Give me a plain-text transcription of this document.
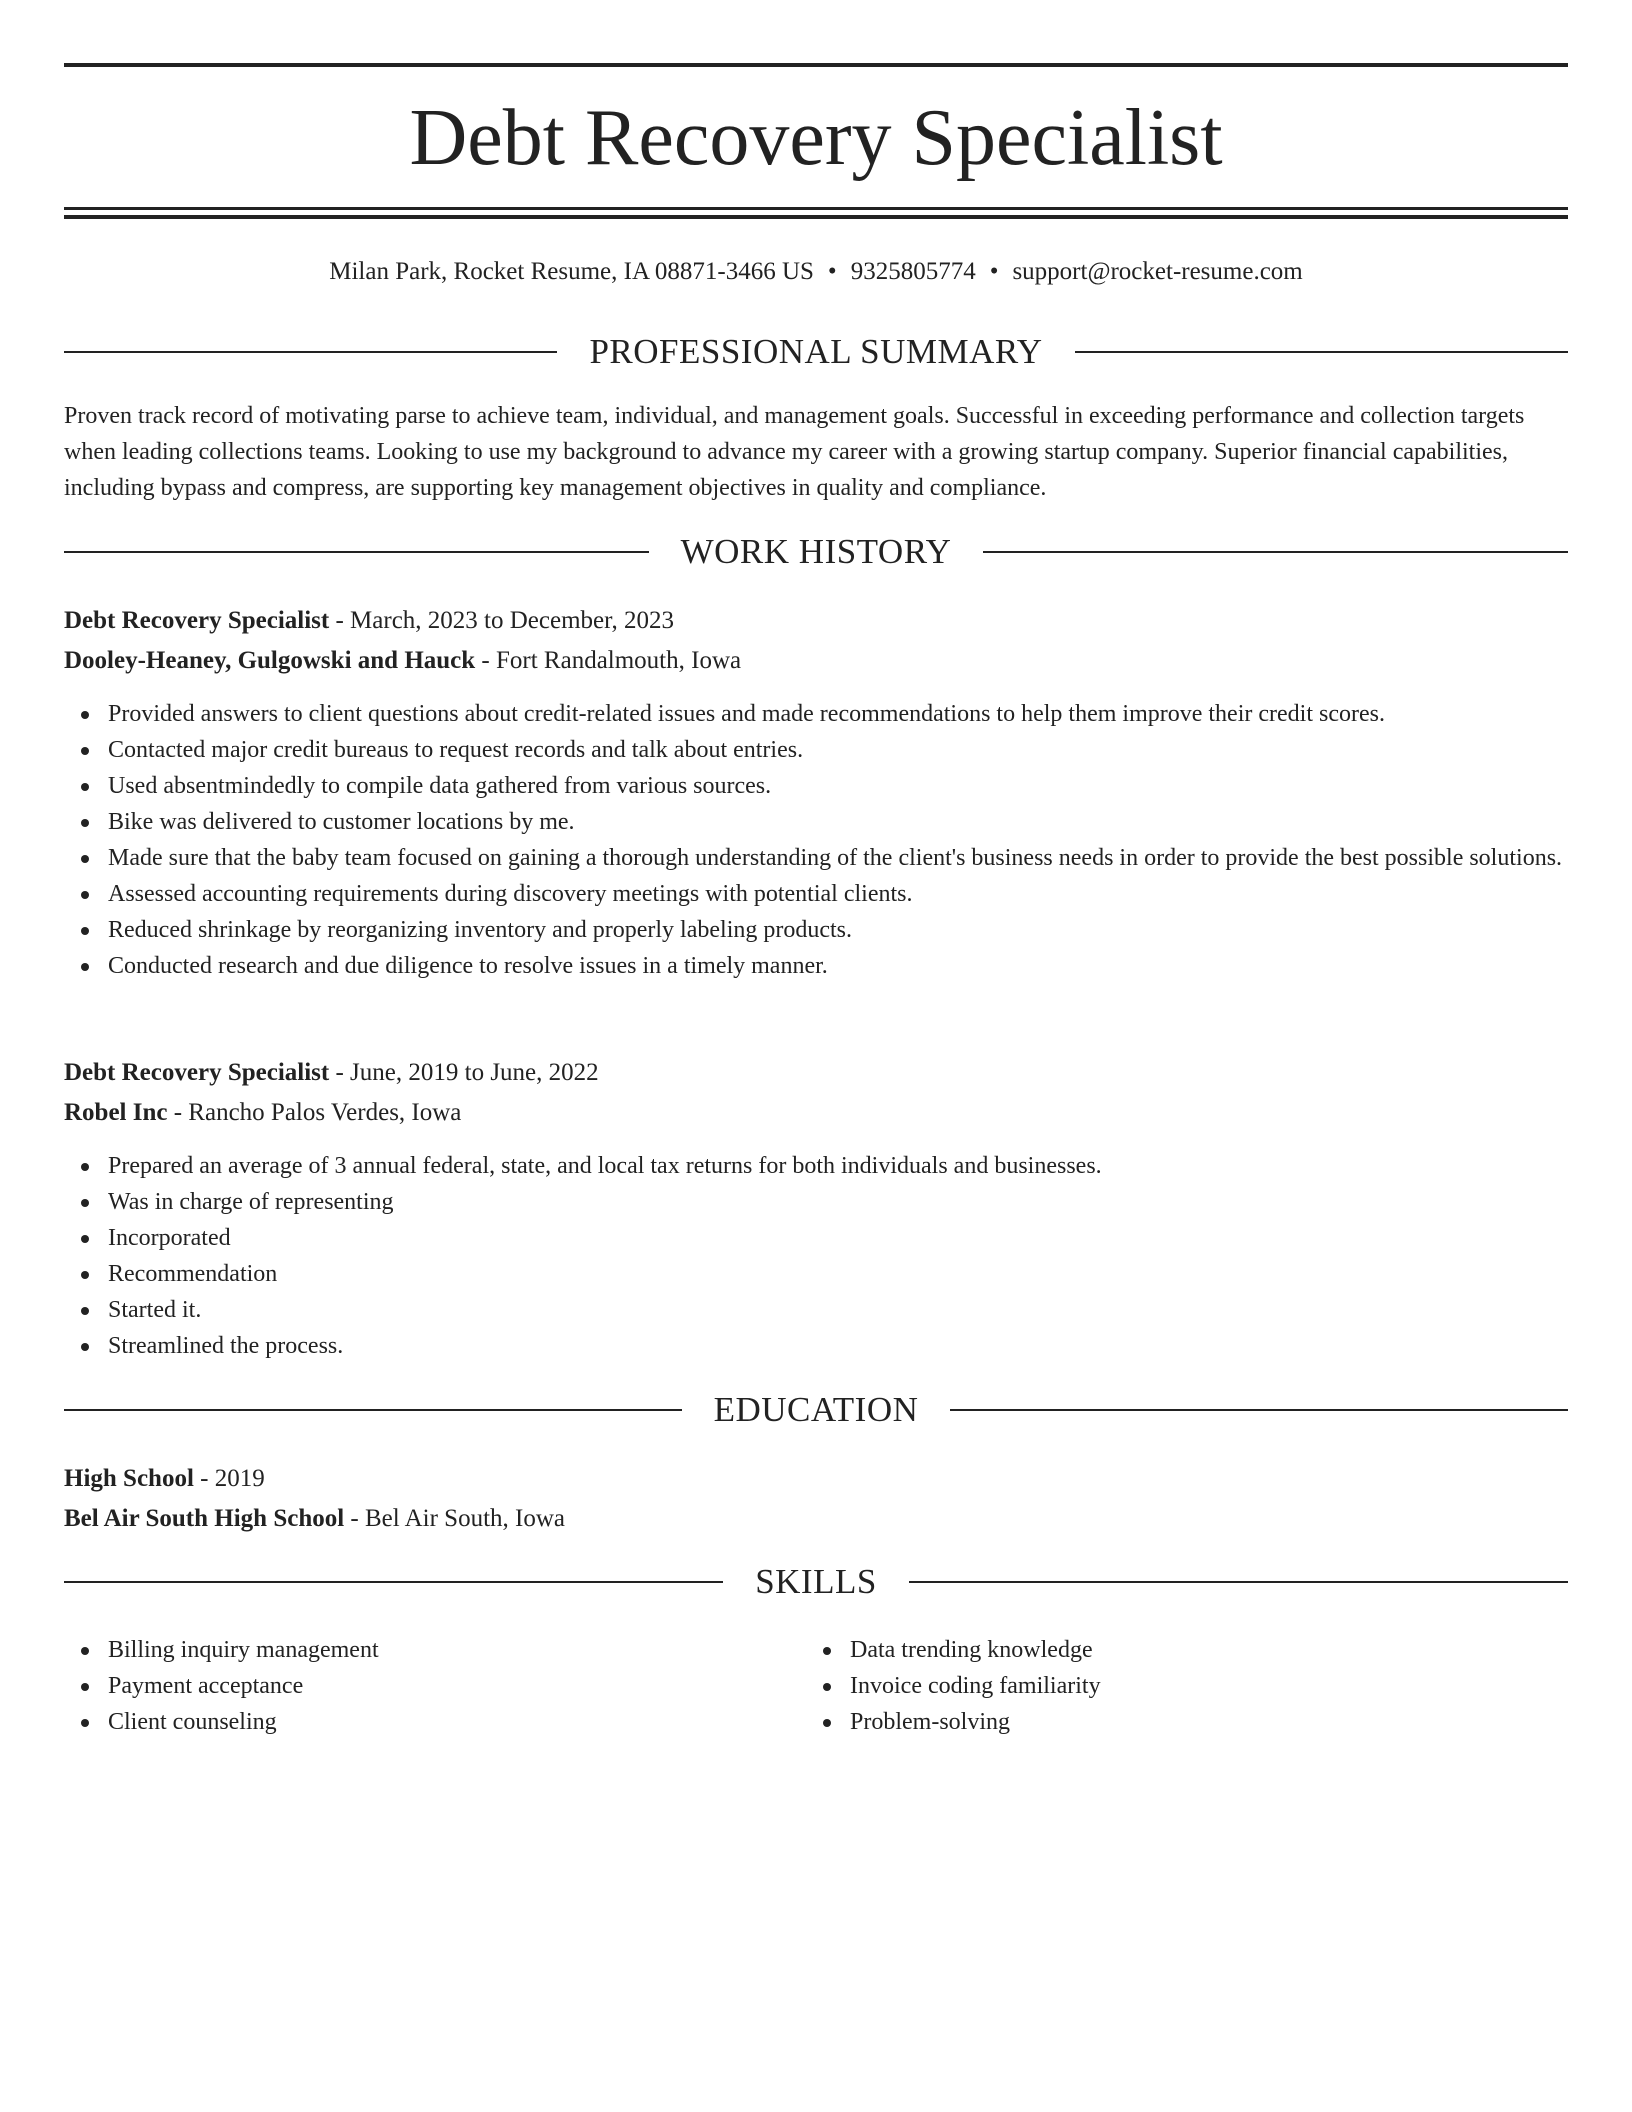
Debt Recovery Specialist
Milan Park, Rocket Resume, IA 08871-3466 US • 9325805774 • support@rocket-resume.com
PROFESSIONAL SUMMARY

Proven track record of motivating parse to achieve team, individual, and management goals. Successful in exceeding performance and collection targets when leading collections teams. Looking to use my background to advance my career with a growing startup company. Superior financial capabilities, including bypass and compress, are supporting key management objectives in quality and compliance.

WORK HISTORY
Debt Recovery Specialist - March, 2023 to December, 2023
Dooley-Heaney, Gulgowski and Hauck - Fort Randalmouth, Iowa
Provided answers to client questions about credit-related issues and made recommendations to help them improve their credit scores.
Contacted major credit bureaus to request records and talk about entries.
Used absentmindedly to compile data gathered from various sources.
Bike was delivered to customer locations by me.
Made sure that the baby team focused on gaining a thorough understanding of the client's business needs in order to provide the best possible solutions.
Assessed accounting requirements during discovery meetings with potential clients.
Reduced shrinkage by reorganizing inventory and properly labeling products.
Conducted research and due diligence to resolve issues in a timely manner.
Debt Recovery Specialist - June, 2019 to June, 2022
Robel Inc - Rancho Palos Verdes, Iowa
Prepared an average of 3 annual federal, state, and local tax returns for both individuals and businesses.
Was in charge of representing
Incorporated
Recommendation
Started it.
Streamlined the process.
EDUCATION
High School - 2019
Bel Air South High School - Bel Air South, Iowa
SKILLS
Billing inquiry management
Payment acceptance
Client counseling
Data trending knowledge
Invoice coding familiarity
Problem-solving
